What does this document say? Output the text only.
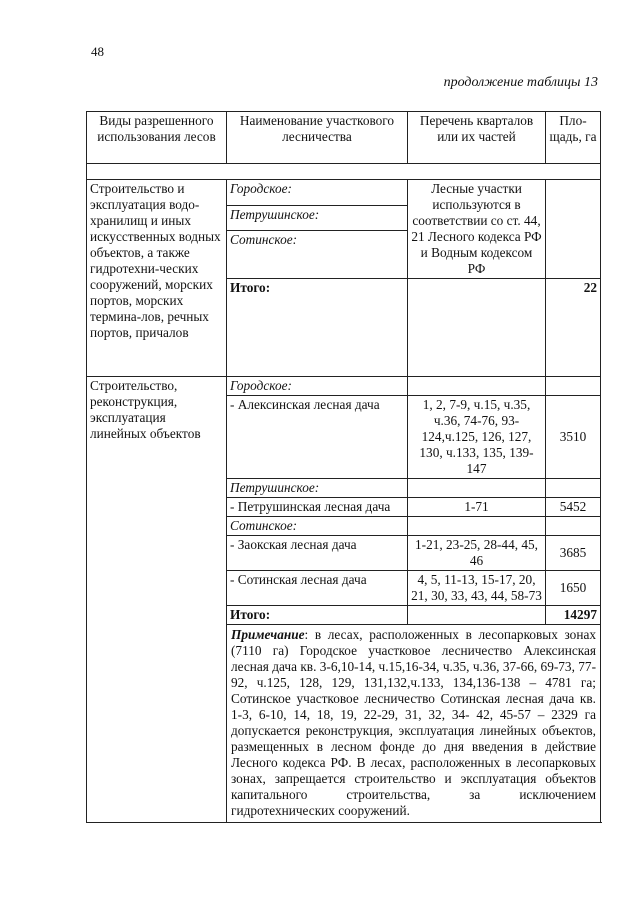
48
продолжение таблицы 13
Виды разрешенного использования лесов	Наименование участкового лесничества	Перечень кварталов или их частей	Пло-щадь, га

Строительство и эксплуатация водо-хранилищ и иных искусственных водных объектов, а также гидротехни-ческих сооружений, морских портов, морских термина-лов, речных портов, причалов	Городское:	Лесные участки используются в соответствии со ст. 44, 21 Лесного кодекса РФ и Водным кодексом РФ	
	Петрушинское:		
	Сотинское:		
	Итого:		22
Строительство, реконструкция, эксплуатация линейных объектов	Городское:		
	- Алексинская лесная дача	1, 2, 7-9, ч.15, ч.35, ч.36, 74-76, 93-124,ч.125, 126, 127, 130, ч.133, 135, 139-147	3510
	Петрушинское:		
	- Петрушинская лесная дача	1-71	5452
	Сотинское:		
	- Заокская лесная дача	1-21, 23-25, 28-44, 45, 46	3685
	- Сотинская лесная дача	4, 5, 11-13, 15-17, 20, 21, 30, 33, 43, 44, 58-73	1650
	Итого:		14297
	Примечание: в лесах, расположенных в лесопарковых зонах (7110 га) Городское участковое лесничество Алексинская лесная дача кв. 3-6,10-14, ч.15,16-34, ч.35, ч.36, 37-66, 69-73, 77-92, ч.125, 128, 129, 131,132,ч.133, 134,136-138 – 4781 га; Сотинское участковое лесничество Сотинская лесная дача кв. 1-3, 6-10, 14, 18, 19, 22-29, 31, 32, 34- 42, 45-57 – 2329 га допускается реконструкция, эксплуатация линейных объектов, размещенных в лесном фонде до дня введения в действие Лесного кодекса РФ. В лесах, расположенных в лесопарковых зонах, запрещается строительство и эксплуатация объектов капитального строительства, за исключением гидротехнических сооружений.		
